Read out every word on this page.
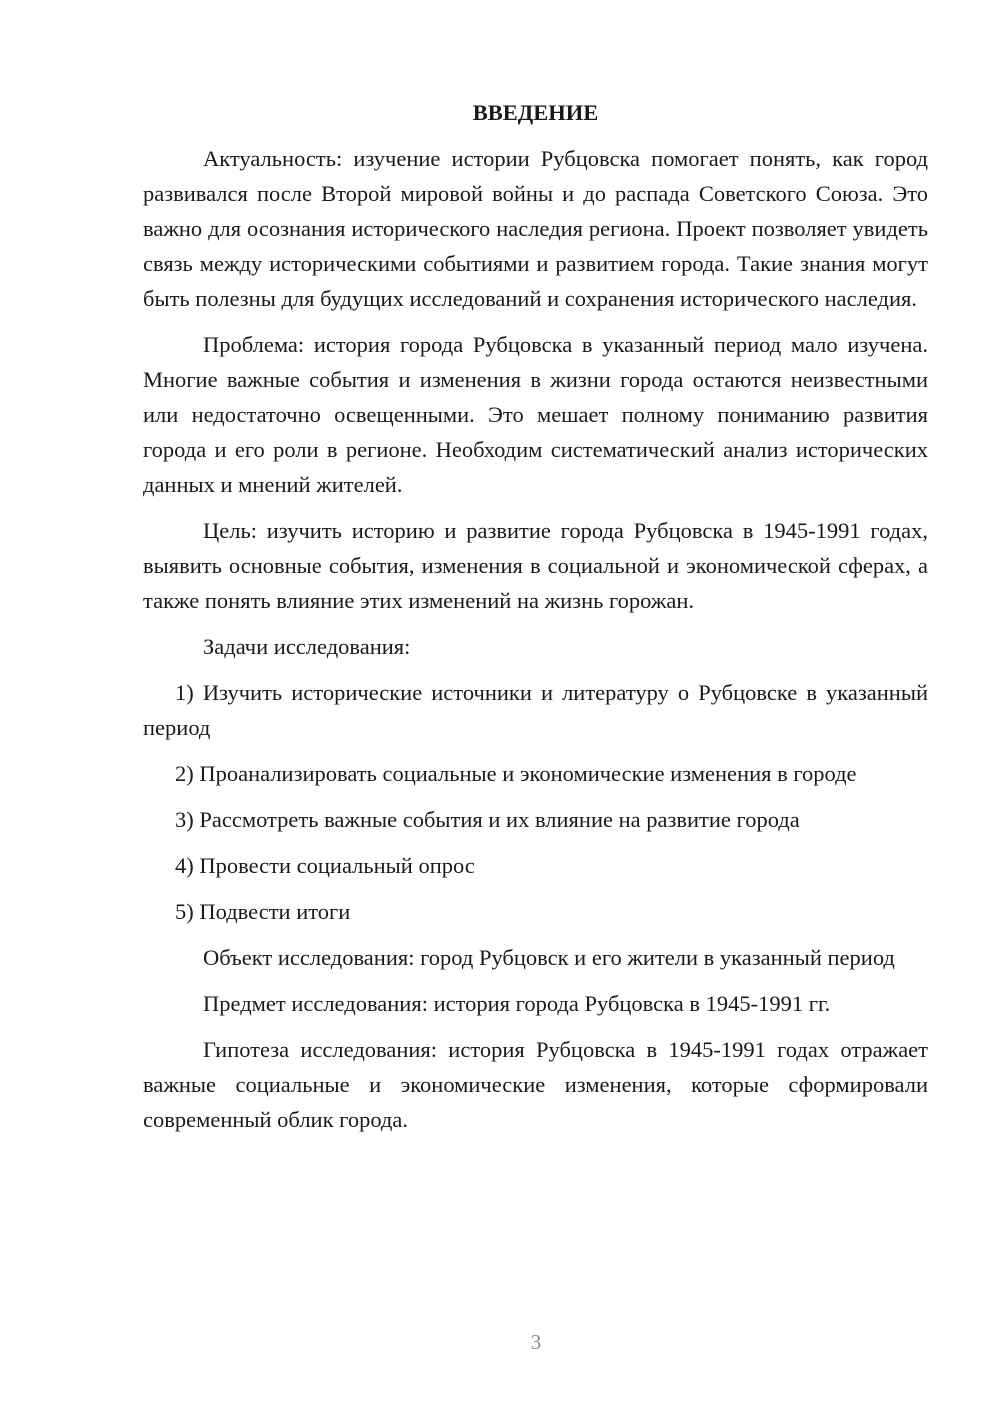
ВВЕДЕНИЕ

Актуальность: изучение истории Рубцовска помогает понять, как город развивался после Второй мировой войны и до распада Советского Союза. Это важно для осознания исторического наследия региона. Проект позволяет увидеть связь между историческими событиями и развитием города. Такие знания могут быть полезны для будущих исследований и сохранения исторического наследия.

Проблема: история города Рубцовска в указанный период мало изучена. Многие важные события и изменения в жизни города остаются неизвестными или недостаточно освещенными. Это мешает полному пониманию развития города и его роли в регионе. Необходим систематический анализ исторических данных и мнений жителей.

Цель: изучить историю и развитие города Рубцовска в 1945-1991 годах, выявить основные события, изменения в социальной и экономической сферах, а также понять влияние этих изменений на жизнь горожан.

Задачи исследования:

1) Изучить исторические источники и литературу о Рубцовске в указанный период

2) Проанализировать социальные и экономические изменения в городе

3) Рассмотреть важные события и их влияние на развитие города

4) Провести социальный опрос

5) Подвести итоги

Объект исследования: город Рубцовск и его жители в указанный период

Предмет исследования: история города Рубцовска в 1945-1991 гг.

Гипотеза исследования: история Рубцовска в 1945-1991 годах отражает важные социальные и экономические изменения, которые сформировали современный облик города.

3
